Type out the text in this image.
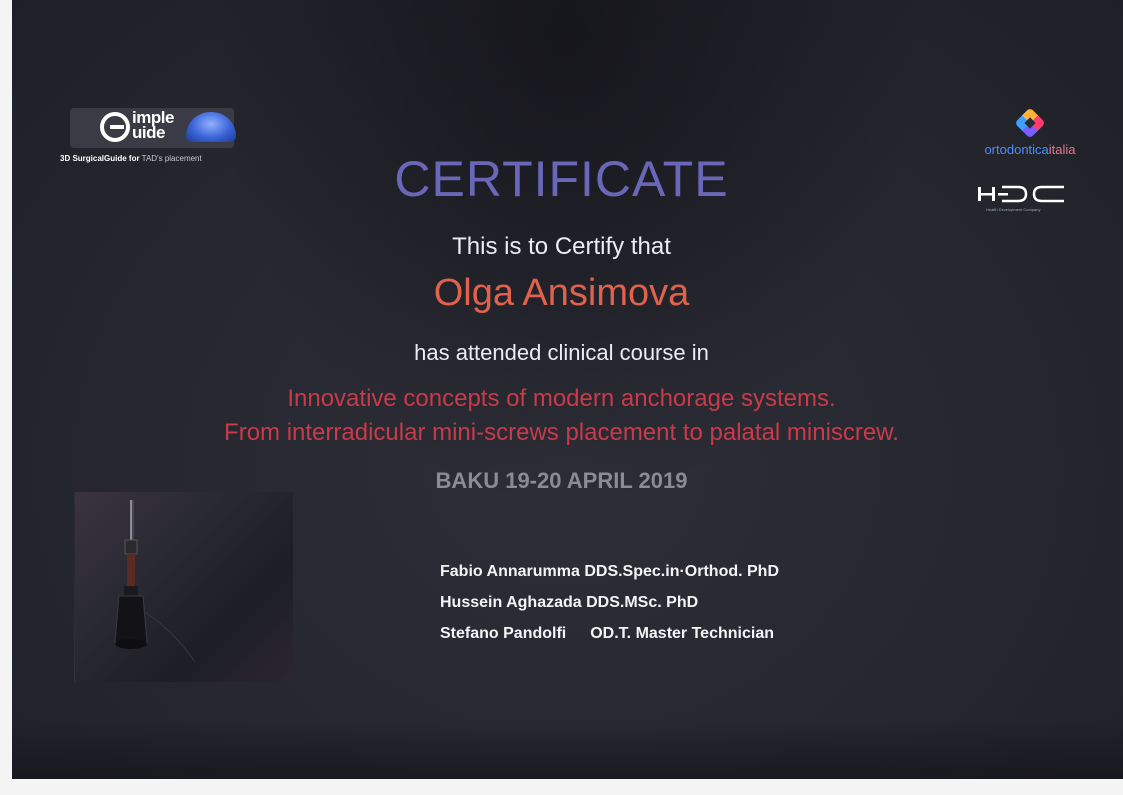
imple
uide
3D SurgicalGuide for TAD's placement
ortodonticaitalia
Health Development Company
CERTIFICATE
This is to Certify that
Olga Ansimova
has attended clinical course in
Innovative concepts of modern anchorage systems.
From interradicular mini-screws placement to palatal miniscrew.
BAKU 19-20 APRIL 2019
Fabio Annarumma DDS.Spec.in·Orthod. PhD
Hussein Aghazada DDS.MSc. PhD
Stefano Pandolfi OD.T. Master Technician
